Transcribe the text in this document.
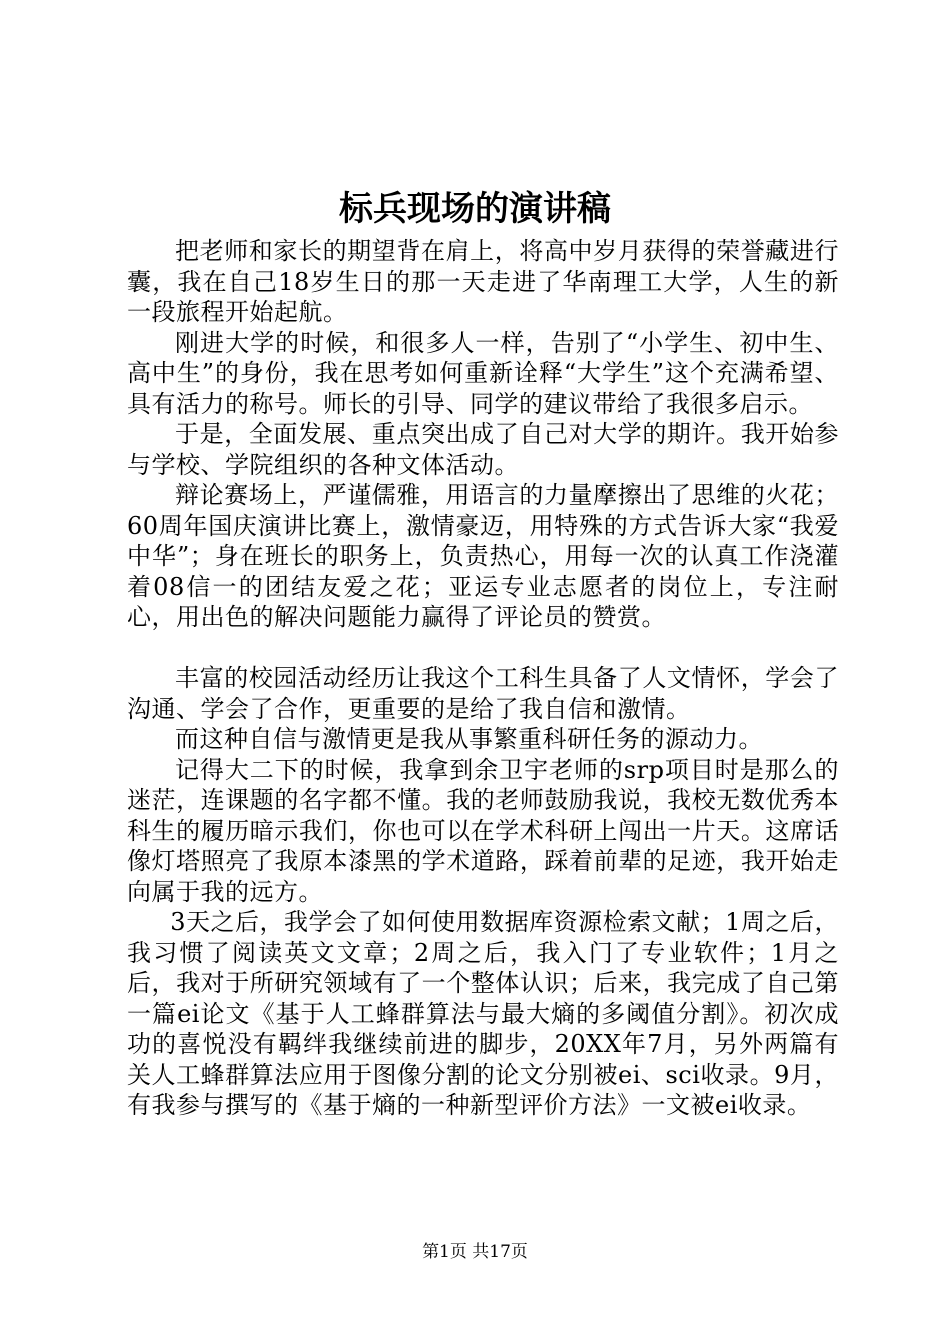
标兵现场的演讲稿

把老师和家长的期望背在肩上，将高中岁月获得的荣誉藏进行囊，我在自己18岁生日的那一天走进了华南理工大学，人生的新一段旅程开始起航。

刚进大学的时候，和很多人一样，告别了“小学生、初中生、高中生”的身份，我在思考如何重新诠释“大学生”这个充满希望、具有活力的称号。师长的引导、同学的建议带给了我很多启示。

于是，全面发展、重点突出成了自己对大学的期许。我开始参与学校、学院组织的各种文体活动。

辩论赛场上，严谨儒雅，用语言的力量摩擦出了思维的火花；60周年国庆演讲比赛上，激情豪迈，用特殊的方式告诉大家“我爱中华”；身在班长的职务上，负责热心，用每一次的认真工作浇灌着08信一的团结友爱之花；亚运专业志愿者的岗位上，专注耐心，用出色的解决问题能力赢得了评论员的赞赏。

丰富的校园活动经历让我这个工科生具备了人文情怀，学会了沟通、学会了合作，更重要的是给了我自信和激情。

而这种自信与激情更是我从事繁重科研任务的源动力。

记得大二下的时候，我拿到余卫宇老师的srp项目时是那么的迷茫，连课题的名字都不懂。我的老师鼓励我说，我校无数优秀本科生的履历暗示我们，你也可以在学术科研上闯出一片天。这席话像灯塔照亮了我原本漆黑的学术道路，踩着前辈的足迹，我开始走向属于我的远方。

3天之后，我学会了如何使用数据库资源检索文献；1周之后，我习惯了阅读英文文章；2周之后，我入门了专业软件；1月之后，我对于所研究领域有了一个整体认识；后来，我完成了自己第一篇ei论文《基于人工蜂群算法与最大熵的多阈值分割》。初次成功的喜悦没有羁绊我继续前进的脚步，20XX年7月，另外两篇有关人工蜂群算法应用于图像分割的论文分别被ei、sci收录。9月，有我参与撰写的《基于熵的一种新型评价方法》一文被ei收录。

第1页 共17页
